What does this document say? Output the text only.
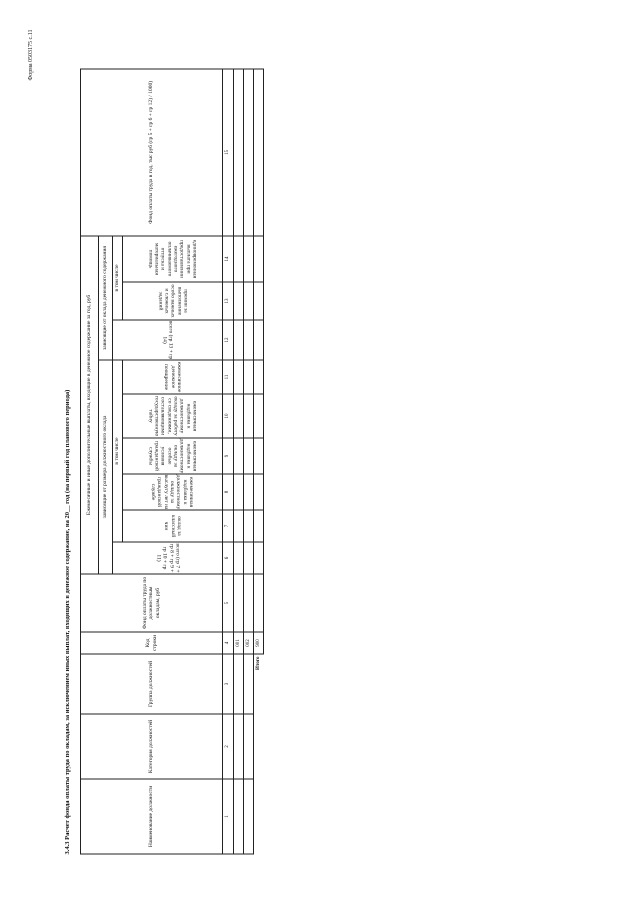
Форма 0503175 с.11
3.4.3 Расчет фонда оплаты труда по окладам, за исключением иных выплат, входящих в денежное содержание, на 20__ год (на первый год планового периода)	Наименование должности	Категория должностей	Группа должностей	Код строки	Фонд оплаты труда по должностным окладам, руб	Ежемесячные и иные дополнительные выплаты, входящие в денежное содержание за год, руб									Фонд оплаты труда в год, тыс руб (гр 5 + гр 6 + гр 12) / 1000)
					зависящие от размера должностного оклада						зависящие от оклада денежного содержания			
					всего (гр 7 + гр 8 + гр 9 + гр 10 + гр 11)	в том числе					всего (гр 13 + гр 14)	в том числе		
						оклад за классный чин	ежемесячная надбавка к должностному окладу за выслугу лет на гражданской службе	ежемесячная надбавка к должностному окладу за особые условия гражданской службы	ежемесячная надбавка к должностному окладу за работу со сведениями, составляющими государственную тайну	ежемесячное денежное поощрение		премии за выполнение особо важных и сложных заданий	единовременная выплата при предоставлении ежегодного оплачиваемого отпуска и материальная помощь	
1	2	3	4	5	6	7	8	9	10	11	12	13	14	15
			001											
			002											
Итого			900											
